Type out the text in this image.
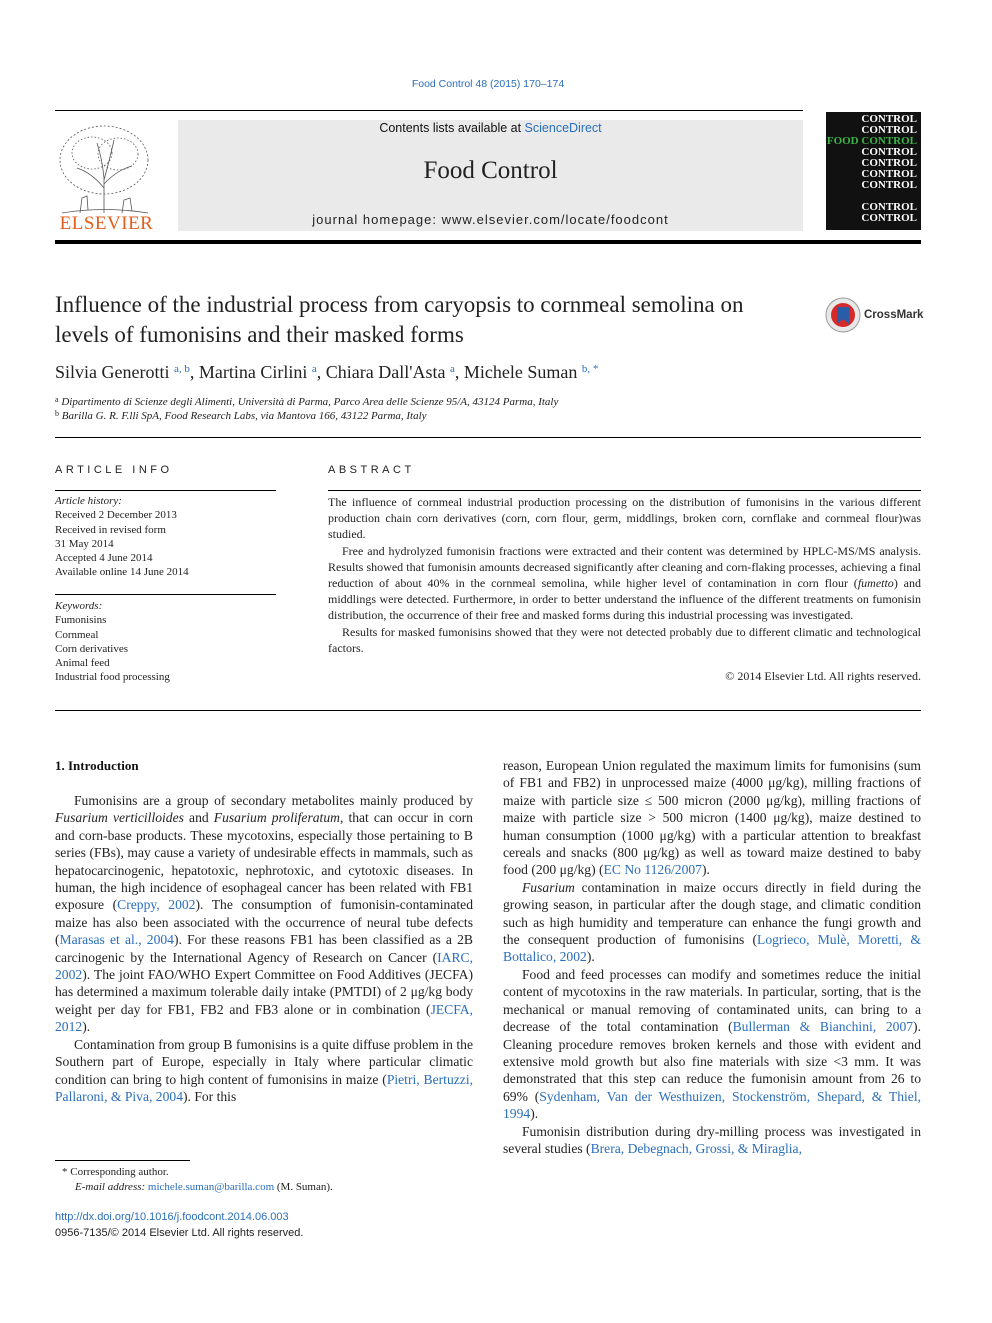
Food Control 48 (2015) 170–174
ELSEVIER
Contents lists available at ScienceDirect
Food Control
journal homepage: www.elsevier.com/locate/foodcont
CONTROL
CONTROL
FOOD CONTROL
CONTROL
CONTROL
CONTROL
CONTROL
CONTROL
CONTROL
Influence of the industrial process from caryopsis to cornmeal semolina on levels of fumonisins and their masked forms
CrossMark
Silvia Generotti $^{a, b}$, Martina Cirlini $^a$, Chiara Dall'Asta $^a$, Michele Suman $^{b, *}$
$^a$ Dipartimento di Scienze degli Alimenti, Università di Parma, Parco Area delle Scienze 95/A, 43124 Parma, Italy
$^b$ Barilla G. R. F.lli SpA, Food Research Labs, via Mantova 166, 43122 Parma, Italy
ARTICLE INFO
Article history:
Received 2 December 2013
Received in revised form
31 May 2014
Accepted 4 June 2014
Available online 14 June 2014
Keywords:
Fumonisins
Cornmeal
Corn derivatives
Animal feed
Industrial food processing
ABSTRACT

The influence of cornmeal industrial production processing on the distribution of fumonisins in the various different production chain corn derivatives (corn, corn flour, germ, middlings, broken corn, cornflake and cornmeal flour)was studied.

Free and hydrolyzed fumonisin fractions were extracted and their content was determined by HPLC-MS/MS analysis. Results showed that fumonisin amounts decreased significantly after cleaning and corn-flaking processes, achieving a final reduction of about 40% in the cornmeal semolina, while higher level of contamination in corn flour (fumetto) and middlings were detected. Furthermore, in order to better understand the influence of the different treatments on fumonisin distribution, the occurrence of their free and masked forms during this industrial processing was investigated.

Results for masked fumonisins showed that they were not detected probably due to different climatic and technological factors.

© 2014 Elsevier Ltd. All rights reserved.
1. Introduction

Fumonisins are a group of secondary metabolites mainly produced by Fusarium verticilloides and Fusarium proliferatum, that can occur in corn and corn-base products. These mycotoxins, especially those pertaining to B series (FBs), may cause a variety of undesirable effects in mammals, such as hepatocarcinogenic, hepatotoxic, nephrotoxic, and cytotoxic diseases. In human, the high incidence of esophageal cancer has been related with FB1 exposure (Creppy, 2002). The consumption of fumonisin-contaminated maize has also been associated with the occurrence of neural tube defects (Marasas et al., 2004). For these reasons FB1 has been classified as a 2B carcinogenic by the International Agency of Research on Cancer (IARC, 2002). The joint FAO/WHO Expert Committee on Food Additives (JECFA) has determined a maximum tolerable daily intake (PMTDI) of 2 μg/kg body weight per day for FB1, FB2 and FB3 alone or in combination (JECFA, 2012).

Contamination from group B fumonisins is a quite diffuse problem in the Southern part of Europe, especially in Italy where particular climatic condition can bring to high content of fumonisins in maize (Pietri, Bertuzzi, Pallaroni, & Piva, 2004). For this

reason, European Union regulated the maximum limits for fumonisins (sum of FB1 and FB2) in unprocessed maize (4000 μg/kg), milling fractions of maize with particle size ≤ 500 micron (2000 μg/kg), milling fractions of maize with particle size > 500 micron (1400 μg/kg), maize destined to human consumption (1000 μg/kg) with a particular attention to breakfast cereals and snacks (800 μg/kg) as well as toward maize destined to baby food (200 μg/kg) (EC No 1126/2007).

Fusarium contamination in maize occurs directly in field during the growing season, in particular after the dough stage, and climatic condition such as high humidity and temperature can enhance the fungi growth and the consequent production of fumonisins (Logrieco, Mulè, Moretti, & Bottalico, 2002).

Food and feed processes can modify and sometimes reduce the initial content of mycotoxins in the raw materials. In particular, sorting, that is the mechanical or manual removing of contaminated units, can bring to a decrease of the total contamination (Bullerman & Bianchini, 2007). Cleaning procedure removes broken kernels and those with evident and extensive mold growth but also fine materials with size <3 mm. It was demonstrated that this step can reduce the fumonisin amount from 26 to 69% (Sydenham, Van der Westhuizen, Stockenström, Shepard, & Thiel, 1994).

Fumonisin distribution during dry-milling process was investigated in several studies (Brera, Debegnach, Grossi, & Miraglia,

* Corresponding author.
E-mail address: michele.suman@barilla.com (M. Suman).
http://dx.doi.org/10.1016/j.foodcont.2014.06.003
0956-7135/© 2014 Elsevier Ltd. All rights reserved.
